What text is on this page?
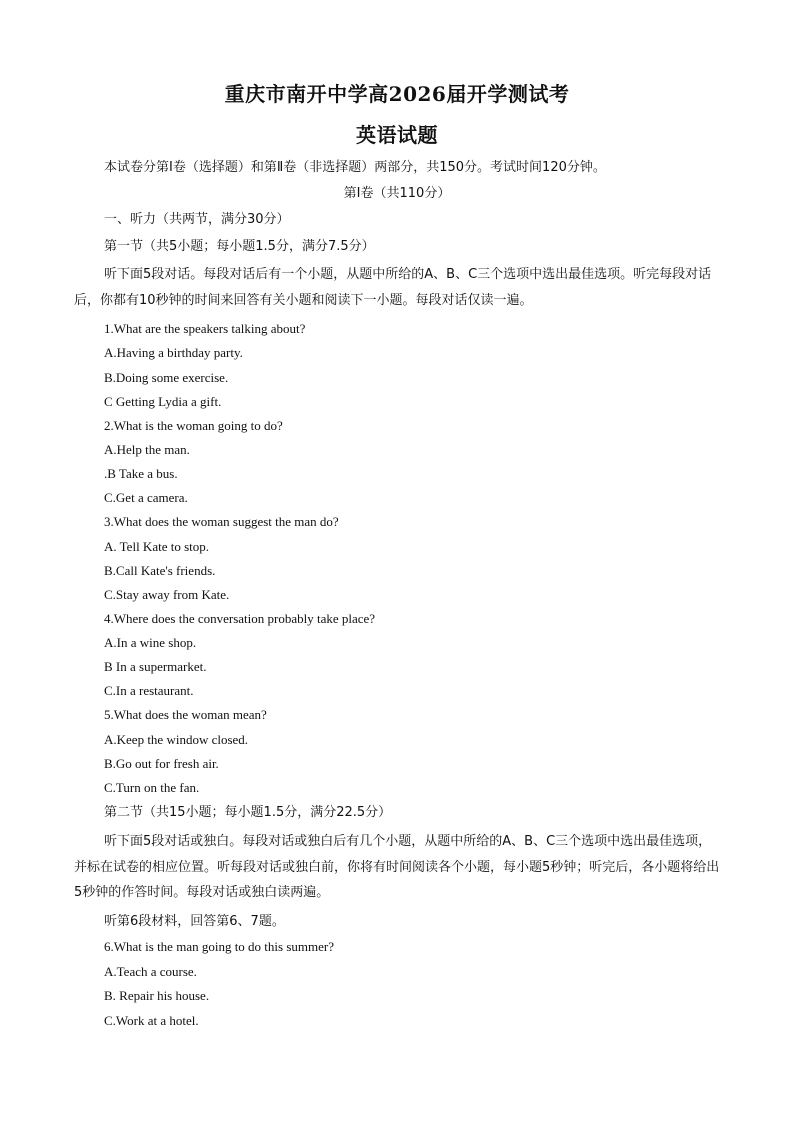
重庆市南开中学高2026届开学测试考
英语试题
本试卷分第Ⅰ卷（选择题）和第Ⅱ卷（非选择题）两部分，共150分。考试时间120分钟。
第Ⅰ卷（共110分）
一、听力（共两节，满分30分）
第一节（共5小题；每小题1.5分，满分7.5分）
听下面5段对话。每段对话后有一个小题，从题中所给的A、B、C三个选项中选出最佳选项。听完每段对话后，你都有10秒钟的时间来回答有关小题和阅读下一小题。每段对话仅读一遍。
1.What are the speakers talking about?
A.Having a birthday party.
B.Doing some exercise.
C Getting Lydia a gift.
2.What is the woman going to do?
A.Help the man.
.B Take a bus.
C.Get a camera.
3.What does the woman suggest the man do?
A. Tell Kate to stop.
B.Call Kate's friends.
C.Stay away from Kate.
4.Where does the conversation probably take place?
A.In a wine shop.
B In a supermarket.
C.In a restaurant.
5.What does the woman mean?
A.Keep the window closed.
B.Go out for fresh air.
C.Turn on the fan.
第二节（共15小题；每小题1.5分，满分22.5分）
听下面5段对话或独白。每段对话或独白后有几个小题，从题中所给的A、B、C三个选项中选出最佳选项，并标在试卷的相应位置。听每段对话或独白前，你将有时间阅读各个小题，每小题5秒钟；听完后，各小题将给出5秒钟的作答时间。每段对话或独白读两遍。
听第6段材料，回答第6、7题。
6.What is the man going to do this summer?
A.Teach a course.
B. Repair his house.
C.Work at a hotel.
